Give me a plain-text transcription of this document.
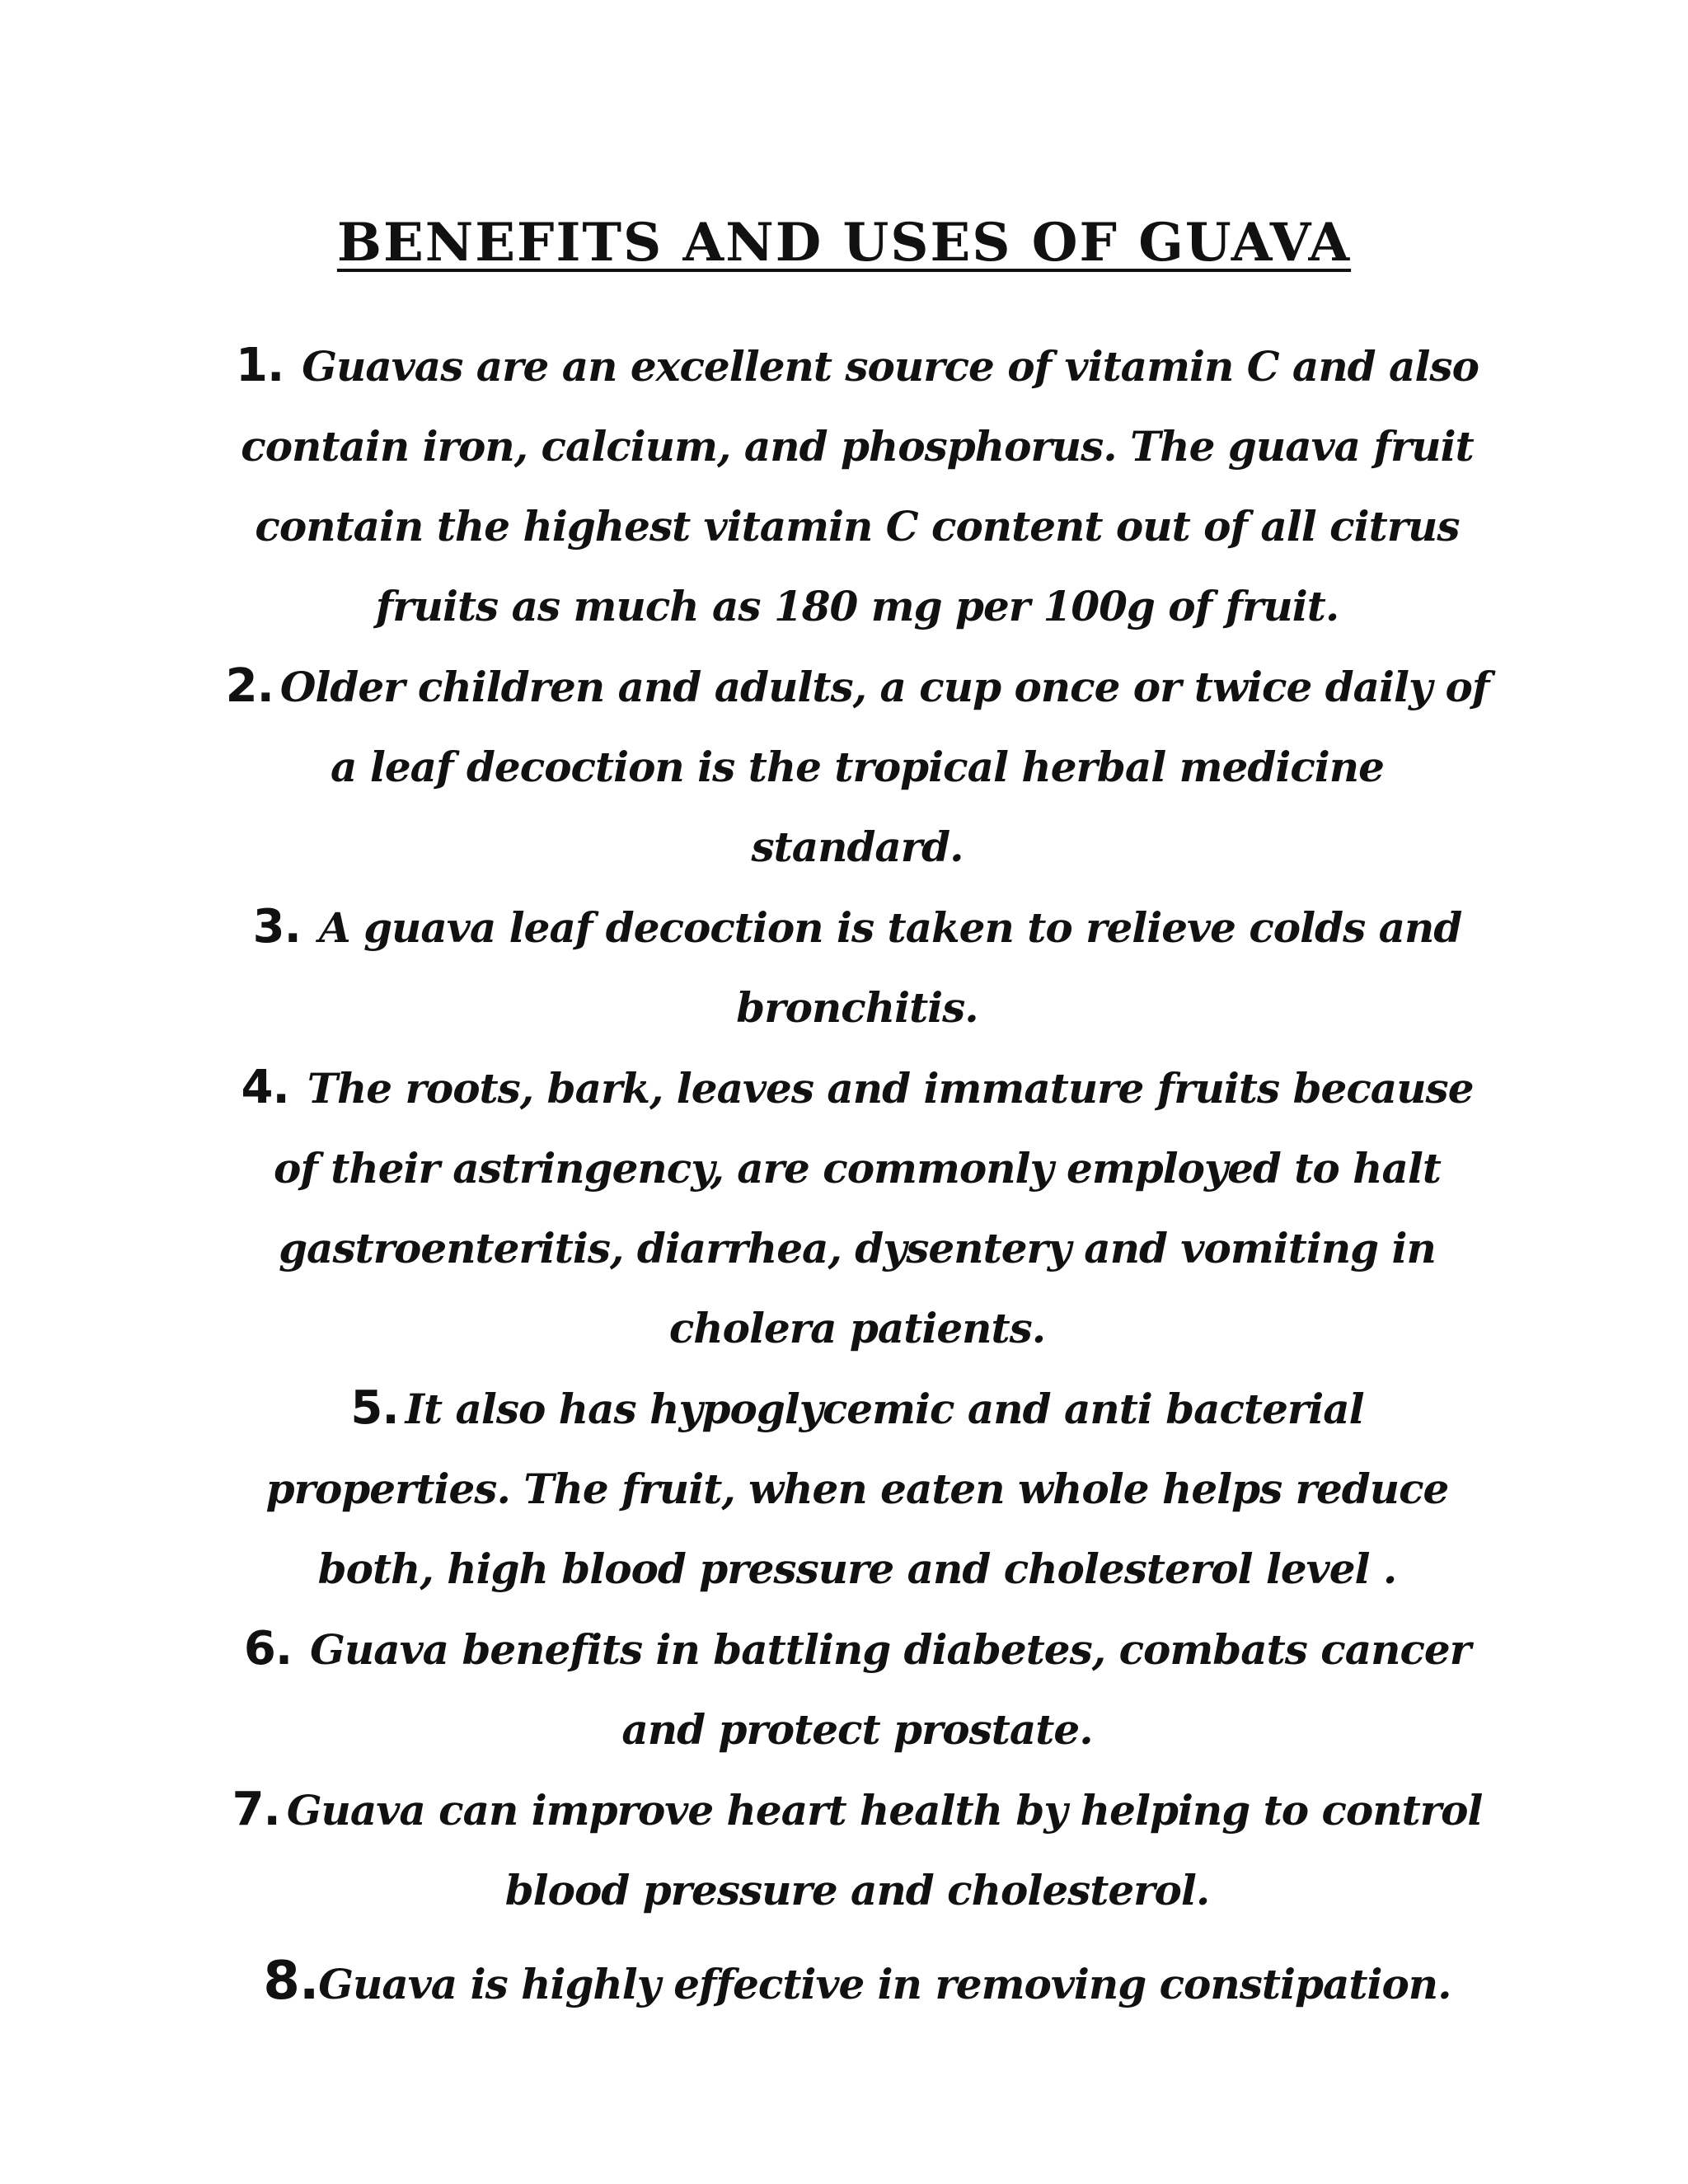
BENEFITS AND USES OF GUAVA

1. Guavas are an excellent source of vitamin C and also contain iron, calcium, and phosphorus. The guava fruit contain the highest vitamin C content out of all citrus fruits as much as 180 mg per 100g of fruit.

2. Older children and adults, a cup once or twice daily of a leaf decoction is the tropical herbal medicine standard.

3. A guava leaf decoction is taken to relieve colds and bronchitis.

4. The roots, bark, leaves and immature fruits because of their astringency, are commonly employed to halt gastroenteritis, diarrhea, dysentery and vomiting in cholera patients.

5. It also has hypoglycemic and anti bacterial properties. The fruit, when eaten whole helps reduce both, high blood pressure and cholesterol level .

6. Guava benefits in battling diabetes, combats cancer and protect prostate.

7. Guava can improve heart health by helping to control blood pressure and cholesterol.

8.Guava is highly effective in removing constipation.
